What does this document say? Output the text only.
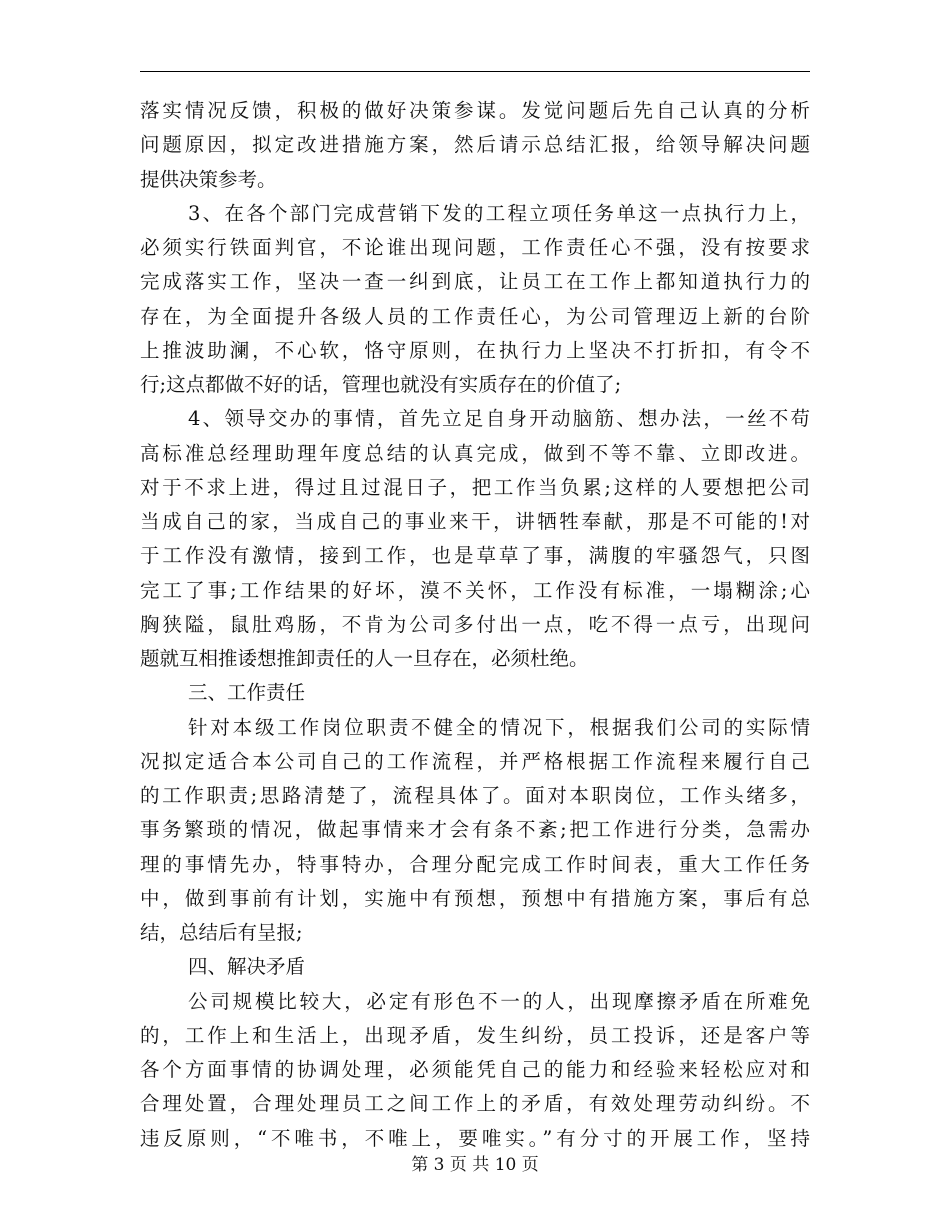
落实情况反馈，积极的做好决策参谋。发觉问题后先自己认真的分析
问题原因，拟定改进措施方案，然后请示总结汇报，给领导解决问题
提供决策参考。
3、在各个部门完成营销下发的工程立项任务单这一点执行力上，
必须实行铁面判官，不论谁出现问题，工作责任心不强，没有按要求
完成落实工作，坚决一查一纠到底，让员工在工作上都知道执行力的
存在，为全面提升各级人员的工作责任心，为公司管理迈上新的台阶
上推波助澜，不心软，恪守原则，在执行力上坚决不打折扣，有令不
行;这点都做不好的话，管理也就没有实质存在的价值了;
4、领导交办的事情，首先立足自身开动脑筋、想办法，一丝不苟
高标准总经理助理年度总结的认真完成，做到不等不靠、立即改进。
对于不求上进，得过且过混日子，把工作当负累;这样的人要想把公司
当成自己的家，当成自己的事业来干，讲牺牲奉献，那是不可能的!对
于工作没有激情，接到工作，也是草草了事，满腹的牢骚怨气，只图
完工了事;工作结果的好坏，漠不关怀，工作没有标准，一塌糊涂;心
胸狭隘，鼠肚鸡肠，不肯为公司多付出一点，吃不得一点亏，出现问
题就互相推诿想推卸责任的人一旦存在，必须杜绝。
三、工作责任
针对本级工作岗位职责不健全的情况下，根据我们公司的实际情
况拟定适合本公司自己的工作流程，并严格根据工作流程来履行自己
的工作职责;思路清楚了，流程具体了。面对本职岗位，工作头绪多，
事务繁琐的情况，做起事情来才会有条不紊;把工作进行分类，急需办
理的事情先办，特事特办，合理分配完成工作时间表，重大工作任务
中，做到事前有计划，实施中有预想，预想中有措施方案，事后有总
结，总结后有呈报;
四、解决矛盾
公司规模比较大，必定有形色不一的人，出现摩擦矛盾在所难免
的，工作上和生活上，出现矛盾，发生纠纷，员工投诉，还是客户等
各个方面事情的协调处理，必须能凭自己的能力和经验来轻松应对和
合理处置，合理处理员工之间工作上的矛盾，有效处理劳动纠纷。不
违反原则，“不唯书，不唯上，要唯实。”有分寸的开展工作，坚持
第 3 页 共 10 页
